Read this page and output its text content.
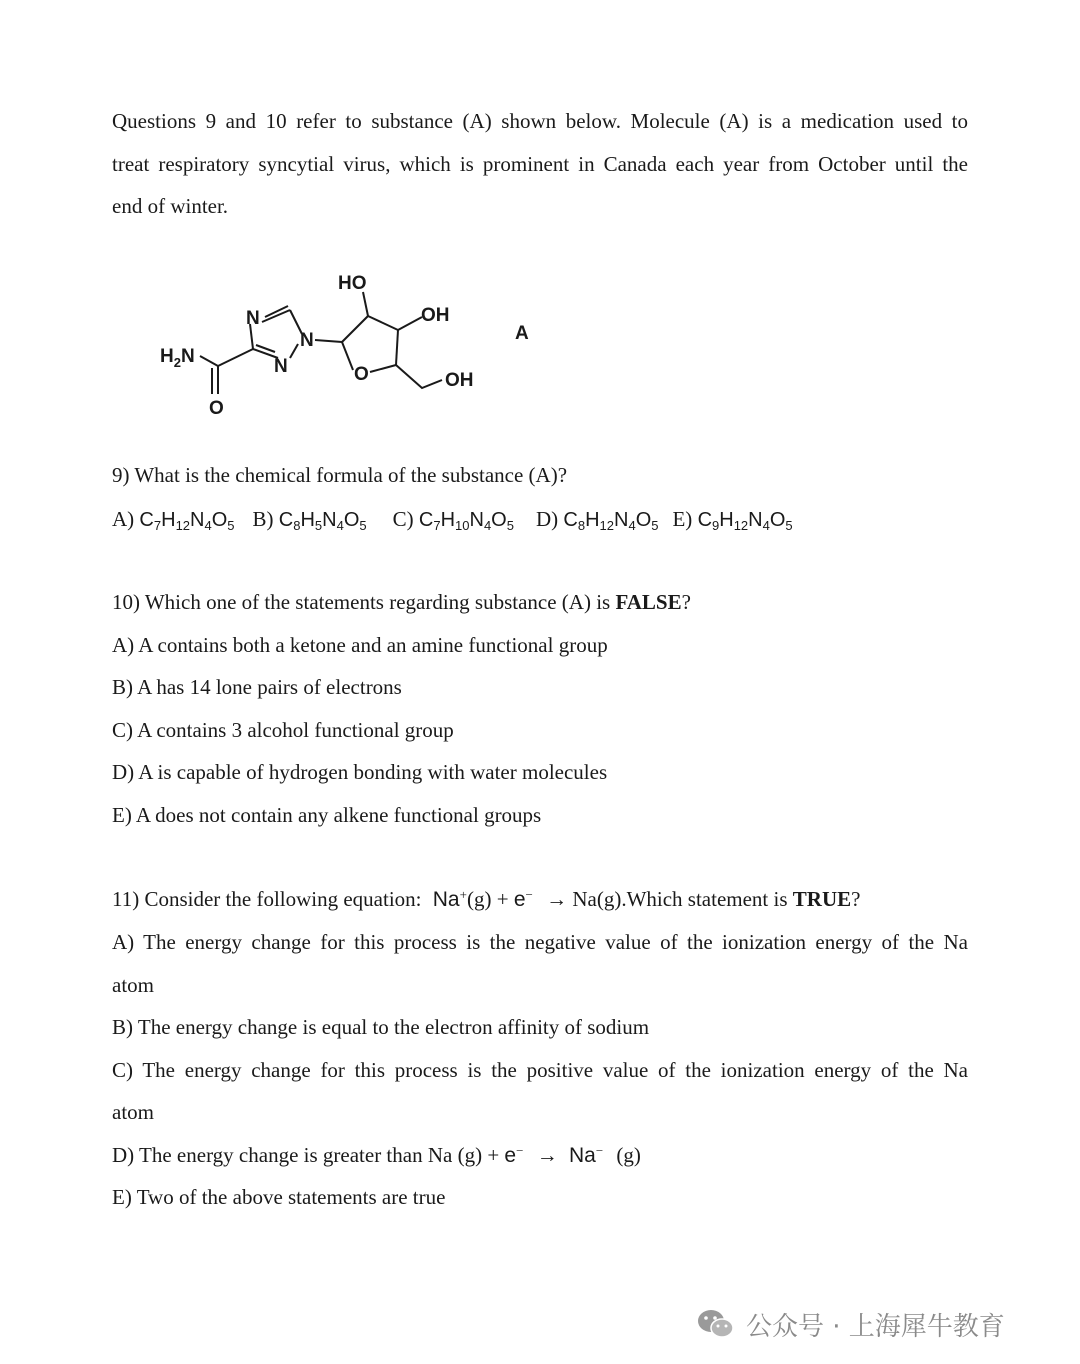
Questions 9 and 10 refer to substance (A) shown below. Molecule (A) is a medication used to
treat respiratory syncytial virus, which is prominent in Canada each year from October until the
end of winter.
N
N
N
$H_2N$
O
O
HO
OH
OH
A
9) What is the chemical formula of the substance (A)?
A) $C_7H_{12}N_4O_5$ B) $C_8H_5N_4O_5$ C) $C_7H_{10}N_4O_5$ D) $C_8H_{12}N_4O_5$ E) $C_9H_{12}N_4O_5$
10) Which one of the statements regarding substance (A) is FALSE?
A) A contains both a ketone and an amine functional group
B) A has 14 lone pairs of electrons
C) A contains 3 alcohol functional group
D) A is capable of hydrogen bonding with water molecules
E) A does not contain any alkene functional groups
11) Consider the following equation: Na+(g) + e− → Na(g).Which statement is TRUE?
A) The energy change for this process is the negative value of the ionization energy of the Na
atom
B) The energy change is equal to the electron affinity of sodium
C) The energy change for this process is the positive value of the ionization energy of the Na
atom
D) The energy change is greater than Na (g) + e− → Na− (g)
E) Two of the above statements are true
公众号 · 上海犀牛教育
